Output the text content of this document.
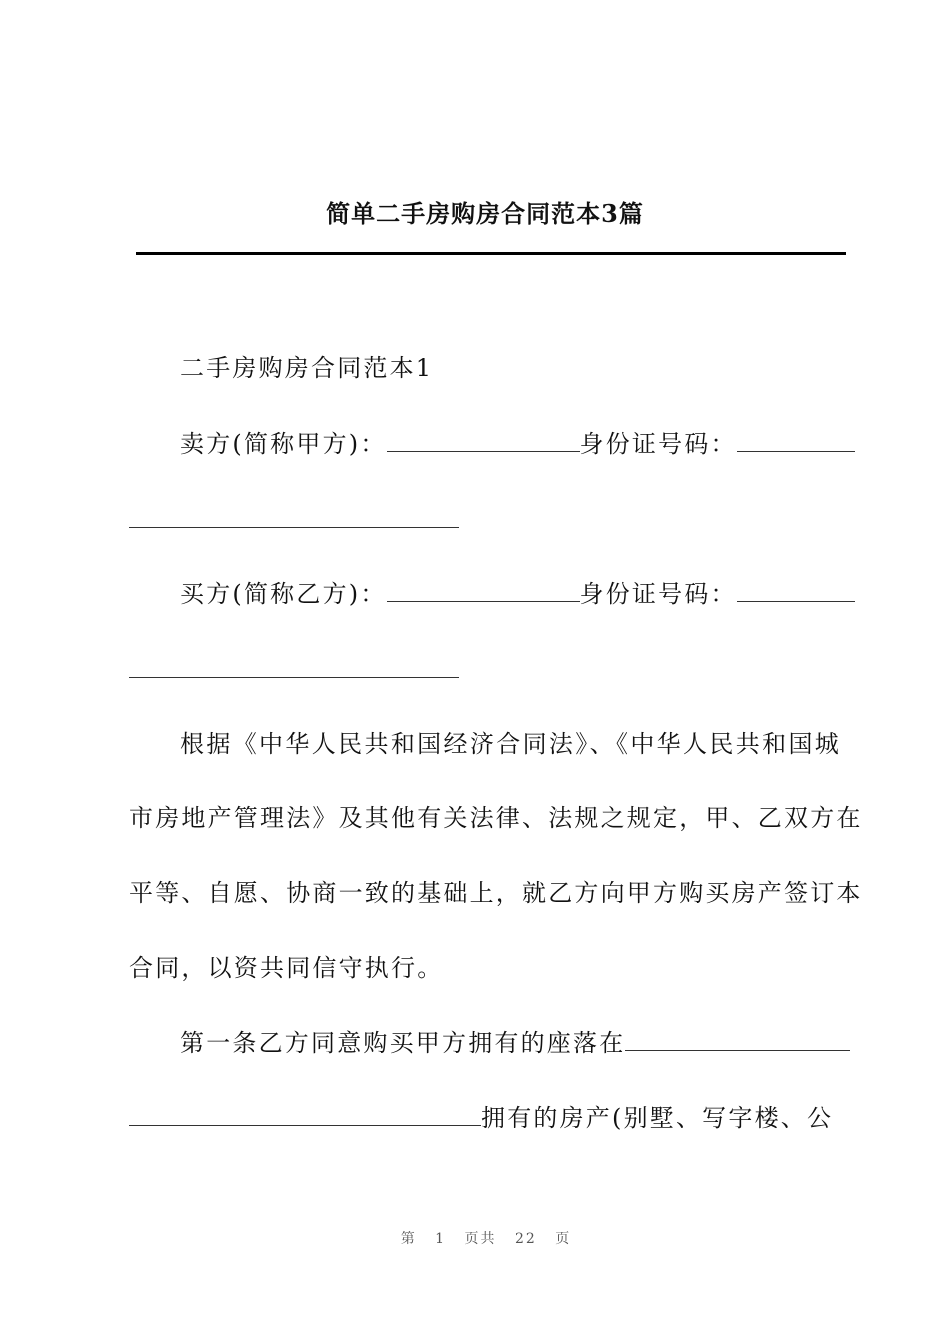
简单二手房购房合同范本3篇
二手房购房合同范本1
卖方(简称甲方)：	身份证号码：
买方(简称乙方)：	身份证号码：
根据《中华人民共和国经济合同法》、《中华人民共和国城
市房地产管理法》及其他有关法律、法规之规定，甲、乙双方在
平等、自愿、协商一致的基础上，就乙方向甲方购买房产签订本
合同，以资共同信守执行。
第一条乙方同意购买甲方拥有的座落在
拥有的房产(别墅、写字楼、公
第 1 页共 22 页
